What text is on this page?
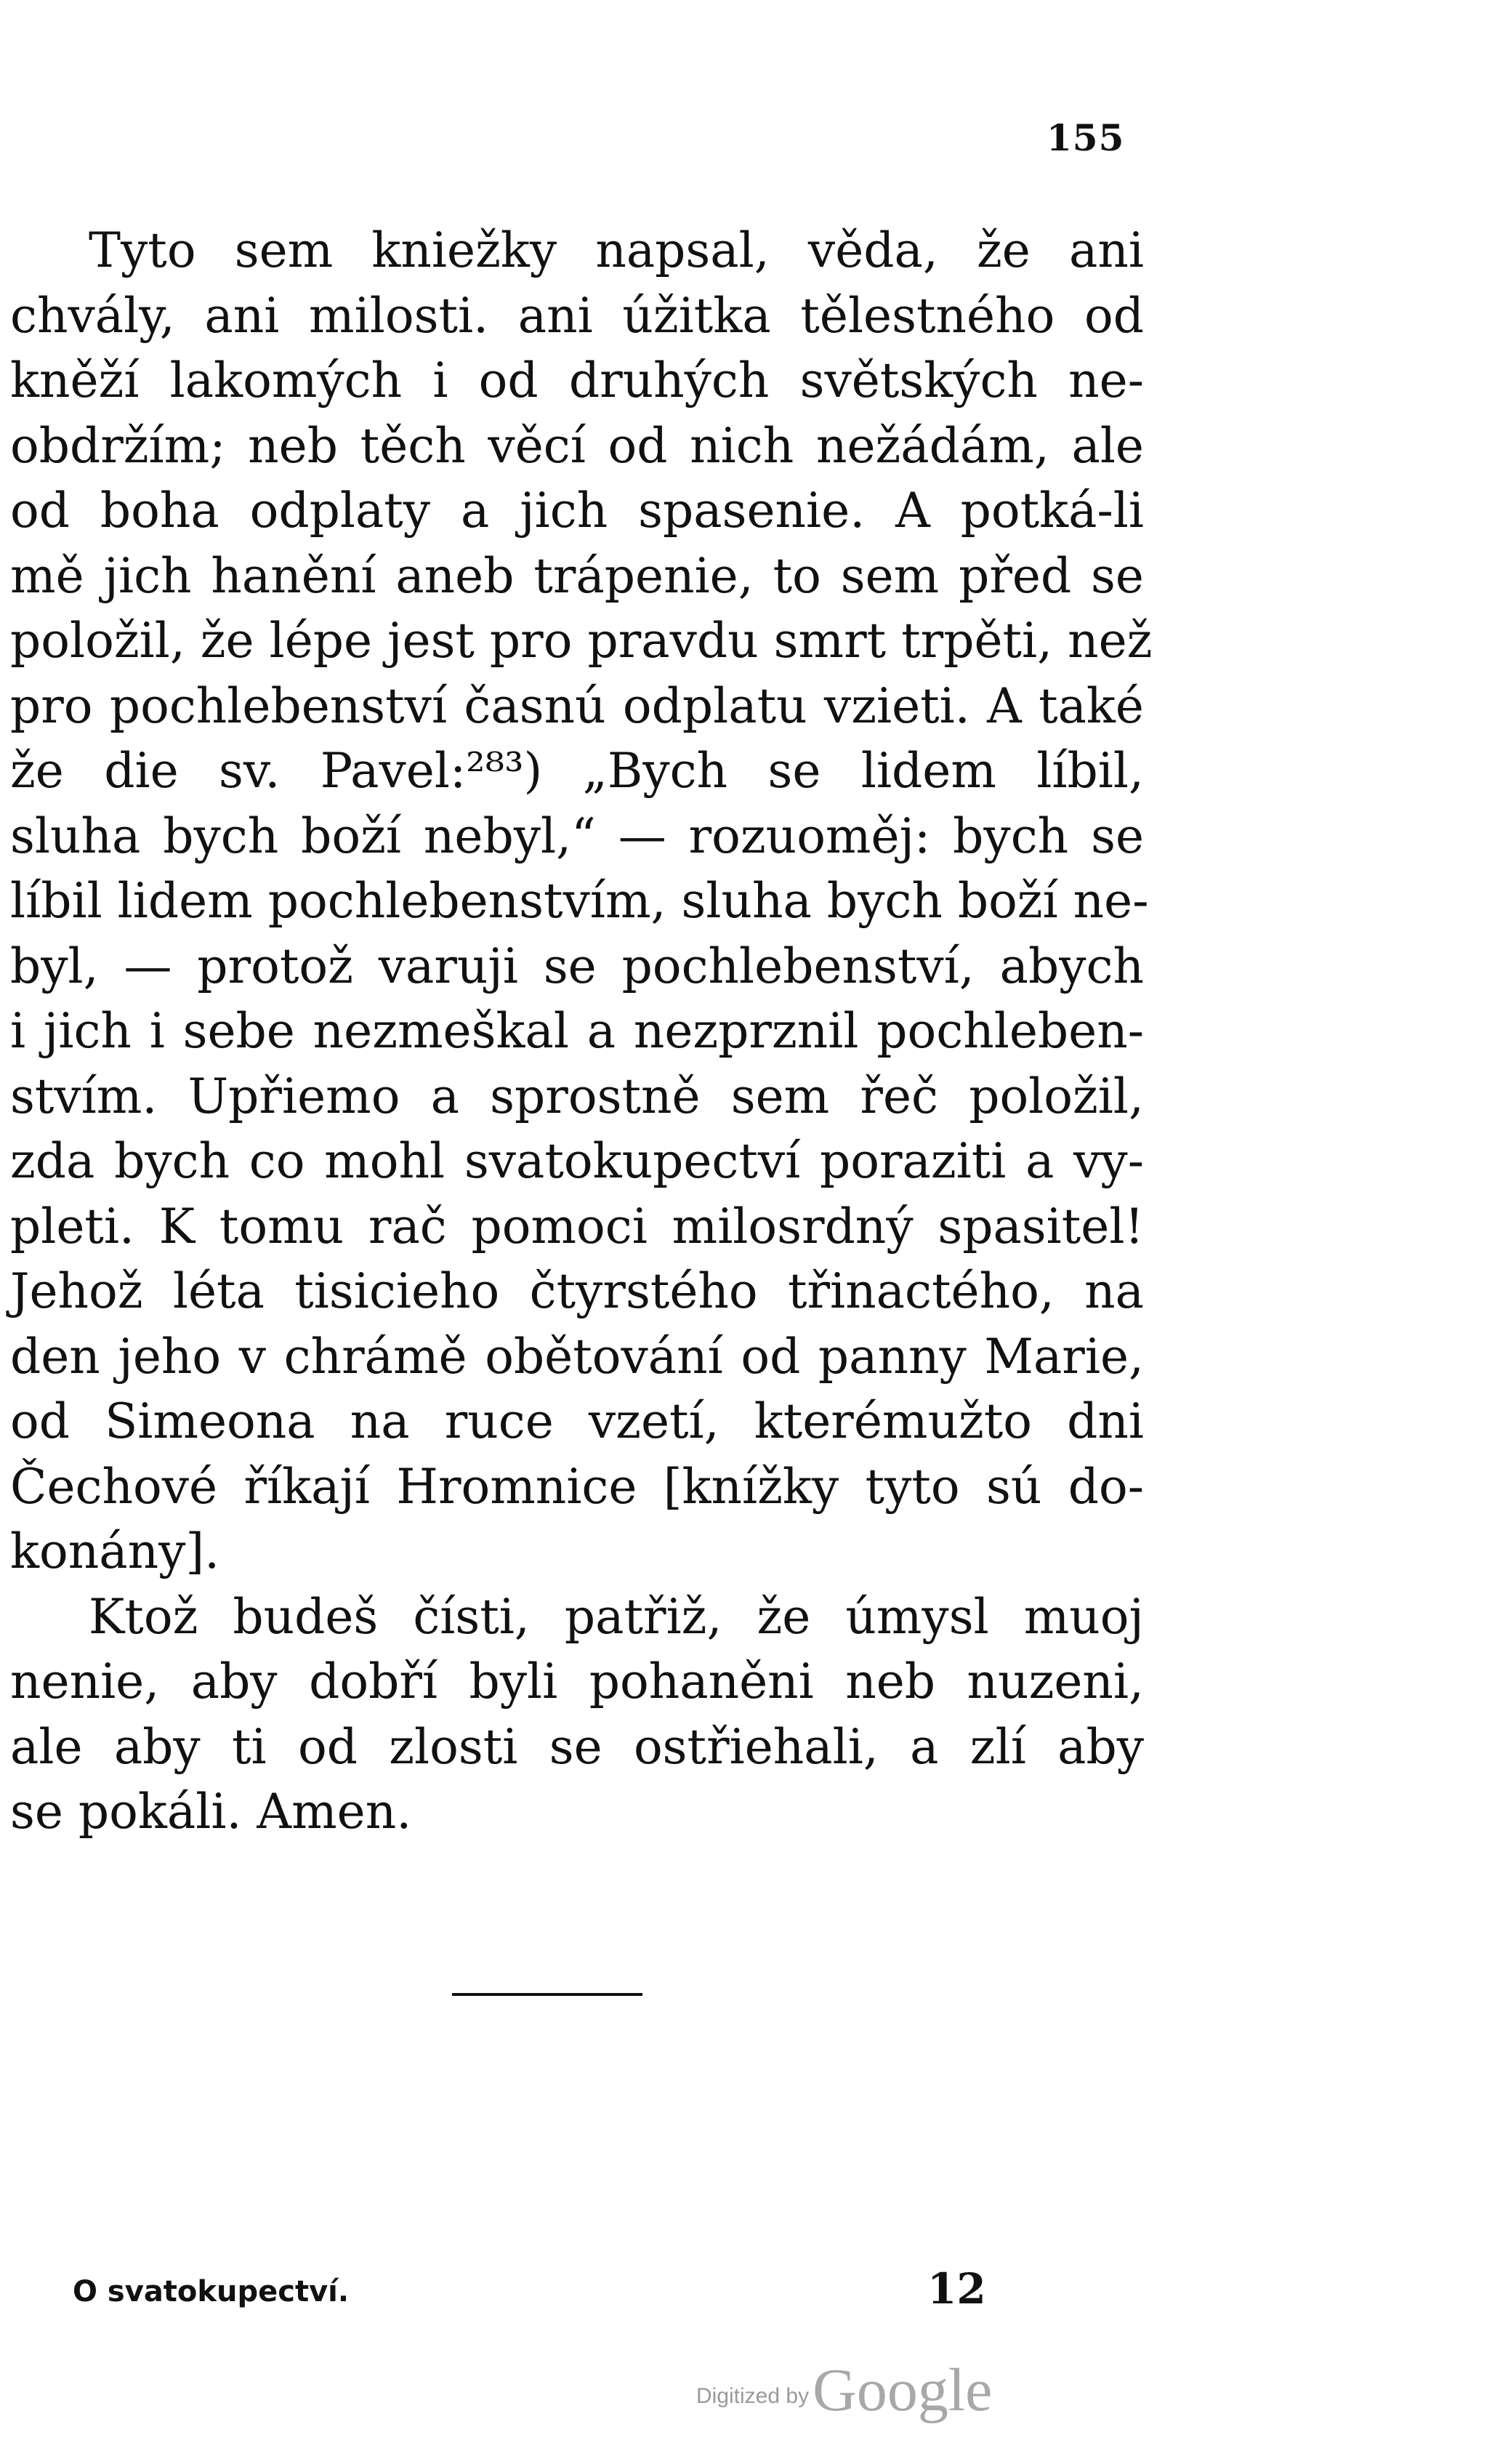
155
Tyto sem kniežky napsal, věda, že ani
chvály, ani milosti. ani úžitka tělestného od
kněží lakomých i od druhých světských ne-
obdržím; neb těch věcí od nich nežádám, ale
od boha odplaty a jich spasenie. A potká-li
mě jich hanění aneb trápenie, to sem před se
položil, že lépe jest pro pravdu smrt trpěti, než
pro pochlebenství časnú odplatu vzieti. A také
že die sv. Pavel:²⁸³) „Bych se lidem líbil,
sluha bych boží nebyl,“ — rozuoměj: bych se
líbil lidem pochlebenstvím, sluha bych boží ne-
byl, — protož varuji se pochlebenství, abych
i jich i sebe nezmeškal a nezprznil pochleben-
stvím. Upřiemo a sprostně sem řeč položil,
zda bych co mohl svatokupectví poraziti a vy-
pleti. K tomu rač pomoci milosrdný spasitel!
Jehož léta tisicieho čtyrstého třinactého, na
den jeho v chrámě obětování od panny Marie,
od Simeona na ruce vzetí, kterémužto dni
Čechové říkají Hromnice [knížky tyto sú do-
konány].
Ktož budeš čísti, patřiž, že úmysl muoj
nenie, aby dobří byli pohaněni neb nuzeni,
ale aby ti od zlosti se ostřiehali, a zlí aby
se pokáli. Amen.
O svatokupectví.	12
Digitized by Google
